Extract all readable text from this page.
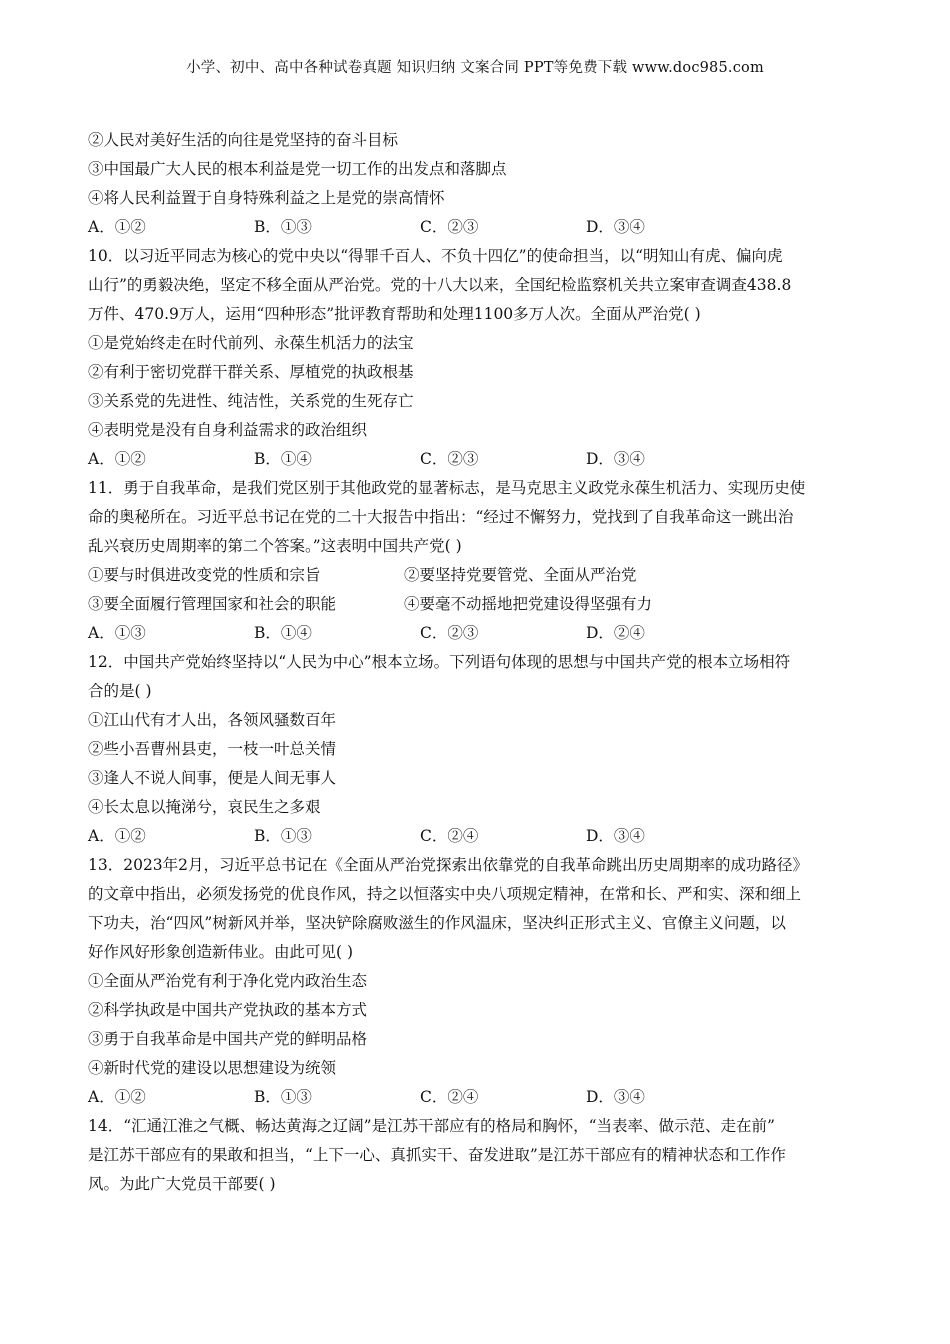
小学、初中、高中各种试卷真题 知识归纳 文案合同 PPT等免费下载 www.doc985.com
②人民对美好生活的向往是党坚持的奋斗目标
③中国最广大人民的根本利益是党一切工作的出发点和落脚点
④将人民利益置于自身特殊利益之上是党的崇高情怀
A．①②	B．①③	C．②③	D．③④
10．以习近平同志为核心的党中央以“得罪千百人、不负十四亿”的使命担当，以“明知山有虎、偏向虎
山行”的勇毅决绝，坚定不移全面从严治党。党的十八大以来，全国纪检监察机关共立案审查调查438.8
万件、470.9万人，运用“四种形态”批评教育帮助和处理1100多万人次。全面从严治党( )
①是党始终走在时代前列、永葆生机活力的法宝
②有利于密切党群干群关系、厚植党的执政根基
③关系党的先进性、纯洁性，关系党的生死存亡
④表明党是没有自身利益需求的政治组织
A．①②	B．①④	C．②③	D．③④
11．勇于自我革命，是我们党区别于其他政党的显著标志，是马克思主义政党永葆生机活力、实现历史使
命的奥秘所在。习近平总书记在党的二十大报告中指出：“经过不懈努力，党找到了自我革命这一跳出治
乱兴衰历史周期率的第二个答案。”这表明中国共产党( )
①要与时俱进改变党的性质和宗旨	②要坚持党要管党、全面从严治党
③要全面履行管理国家和社会的职能	④要毫不动摇地把党建设得坚强有力
A．①③	B．①④	C．②③	D．②④
12．中国共产党始终坚持以“人民为中心”根本立场。下列语句体现的思想与中国共产党的根本立场相符
合的是( )
①江山代有才人出，各领风骚数百年
②些小吾曹州县吏，一枝一叶总关情
③逢人不说人间事，便是人间无事人
④长太息以掩涕兮，哀民生之多艰
A．①②	B．①③	C．②④	D．③④
13．2023年2月，习近平总书记在《全面从严治党探索出依靠党的自我革命跳出历史周期率的成功路径》
的文章中指出，必须发扬党的优良作风，持之以恒落实中央八项规定精神，在常和长、严和实、深和细上
下功夫，治“四风”树新风并举，坚决铲除腐败滋生的作风温床，坚决纠正形式主义、官僚主义问题，以
好作风好形象创造新伟业。由此可见( )
①全面从严治党有利于净化党内政治生态
②科学执政是中国共产党执政的基本方式
③勇于自我革命是中国共产党的鲜明品格
④新时代党的建设以思想建设为统领
A．①②	B．①③	C．②④	D．③④
14．“汇通江淮之气概、畅达黄海之辽阔”是江苏干部应有的格局和胸怀，“当表率、做示范、走在前”
是江苏干部应有的果敢和担当，“上下一心、真抓实干、奋发进取”是江苏干部应有的精神状态和工作作
风。为此广大党员干部要( )
